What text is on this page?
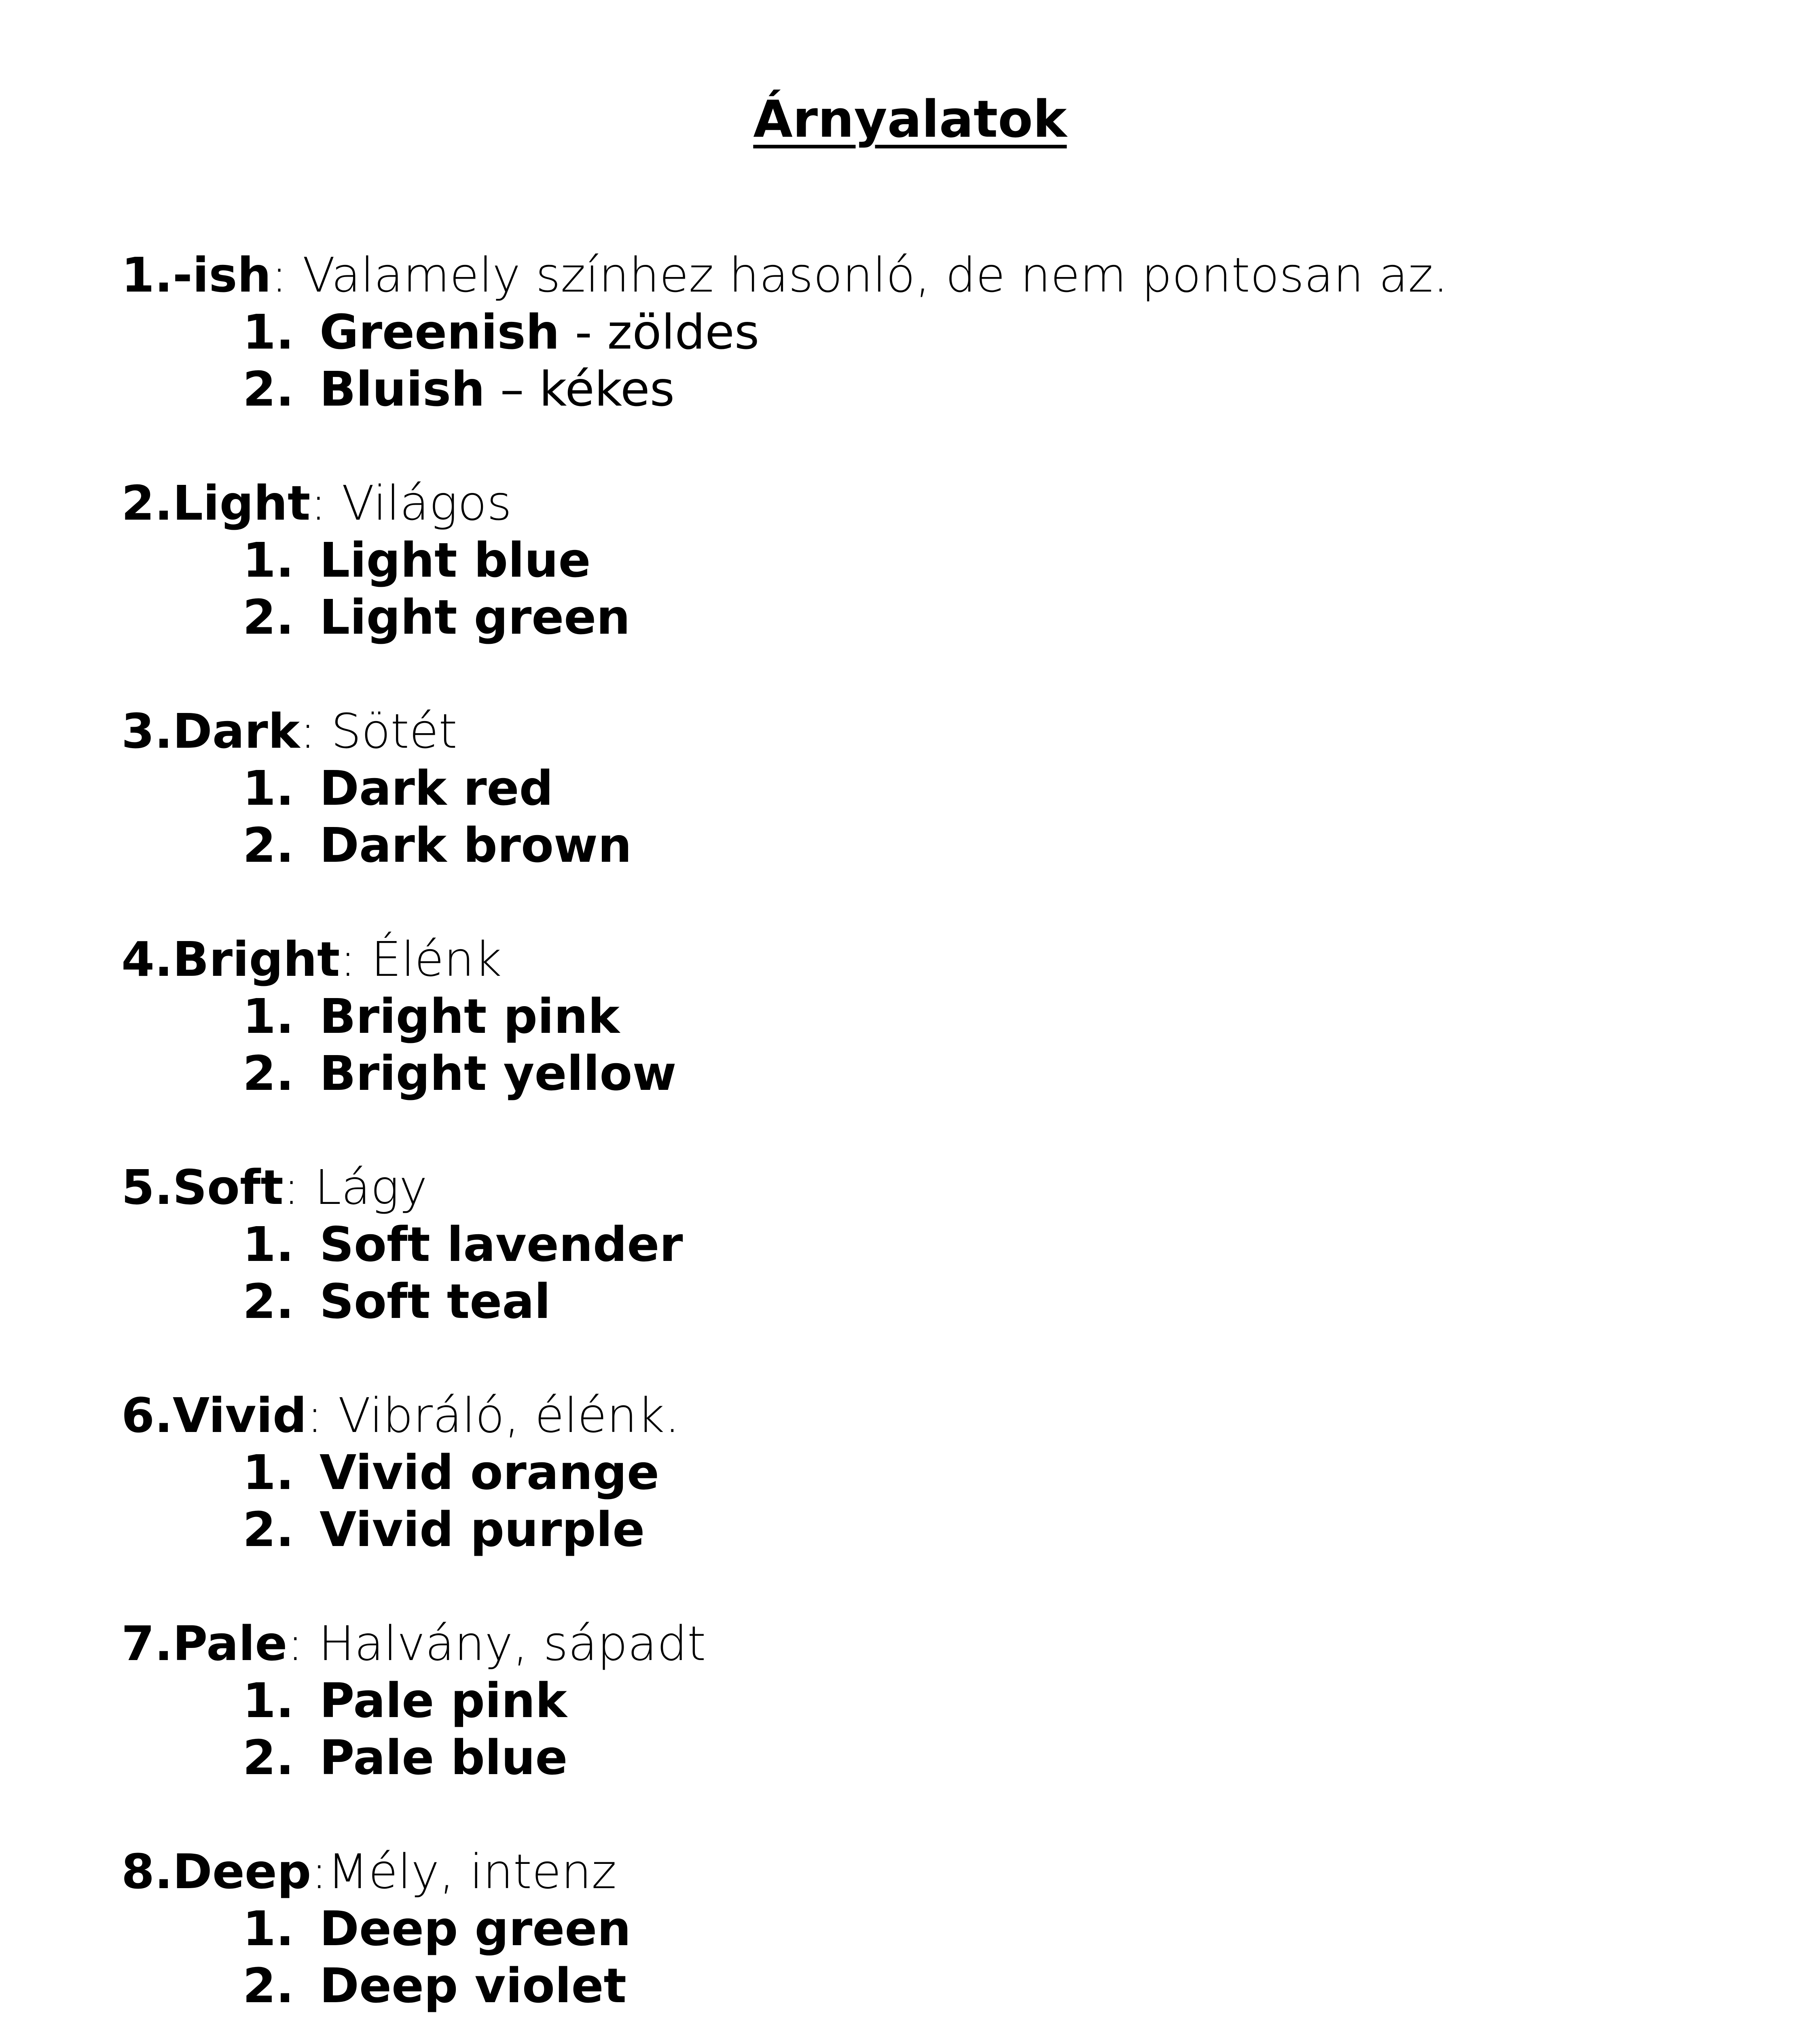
Árnyalatok

1.-ish: Valamely színhez hasonló, de nem pontosan az.

1. Greenish - zöldes
2. Bluish – kékes

2.Light: Világos

1. Light blue
2. Light green

3.Dark: Sötét

1. Dark red
2. Dark brown

4.Bright: Élénk

1. Bright pink
2. Bright yellow

5.Soft: Lágy

1. Soft lavender
2. Soft teal

6.Vivid: Vibráló, élénk.

1. Vivid orange
2. Vivid purple

7.Pale: Halvány, sápadt

1. Pale pink
2. Pale blue

8.Deep:Mély, intenz

1. Deep green
2. Deep violet
